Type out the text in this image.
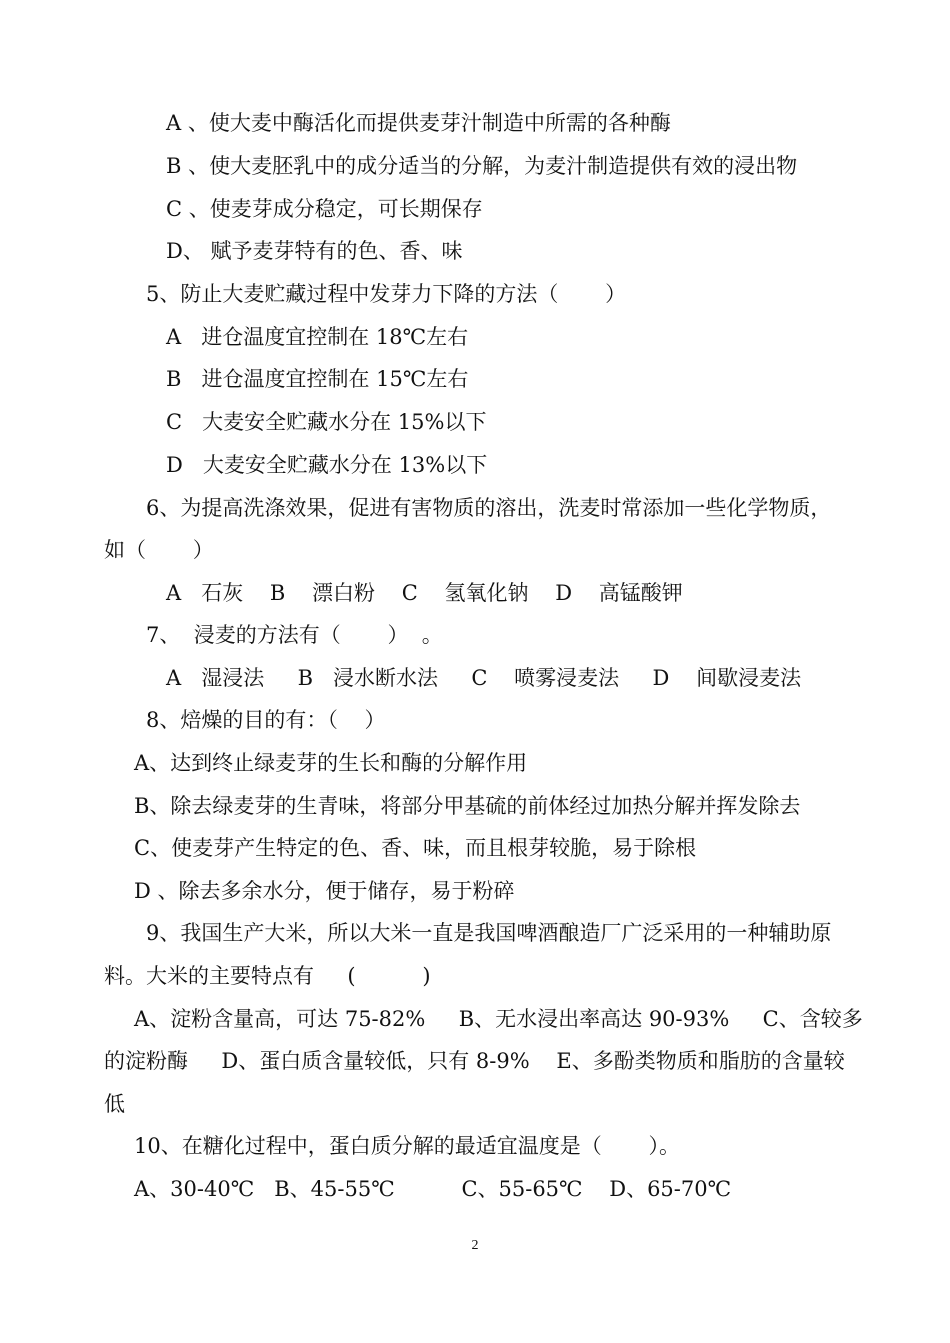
A 、使大麦中酶活化而提供麦芽汁制造中所需的各种酶
B 、使大麦胚乳中的成分适当的分解，为麦汁制造提供有效的浸出物
C 、使麦芽成分稳定，可长期保存
D、 赋予麦芽特有的色、香、味
5、防止大麦贮藏过程中发芽力下降的方法（       ）
A   进仓温度宜控制在 18℃左右
B   进仓温度宜控制在 15℃左右
C   大麦安全贮藏水分在 15%以下
D   大麦安全贮藏水分在 13%以下
6、为提高洗涤效果，促进有害物质的溶出，洗麦时常添加一些化学物质，
如（       ）
A   石灰    B    漂白粉    C    氢氧化钠    D    高锰酸钾
7、  浸麦的方法有（       ）  。
A   湿浸法     B   浸水断水法     C    喷雾浸麦法     D    间歇浸麦法
8、焙燥的目的有：（    ）
A、达到终止绿麦芽的生长和酶的分解作用
B、除去绿麦芽的生青味，将部分甲基硫的前体经过加热分解并挥发除去
C、使麦芽产生特定的色、香、味，而且根芽较脆，易于除根
D 、除去多余水分，便于储存，易于粉碎
9、我国生产大米，所以大米一直是我国啤酒酿造厂广泛采用的一种辅助原
料。大米的主要特点有     (          )
A、淀粉含量高，可达 75-82%     B、无水浸出率高达 90-93%     C、含较多
的淀粉酶     D、蛋白质含量较低，只有 8-9%    E、多酚类物质和脂肪的含量较
低
10、在糖化过程中，蛋白质分解的最适宜温度是（       ）。
A、30-40℃   B、45-55℃          C、55-65℃    D、65-70℃
2
